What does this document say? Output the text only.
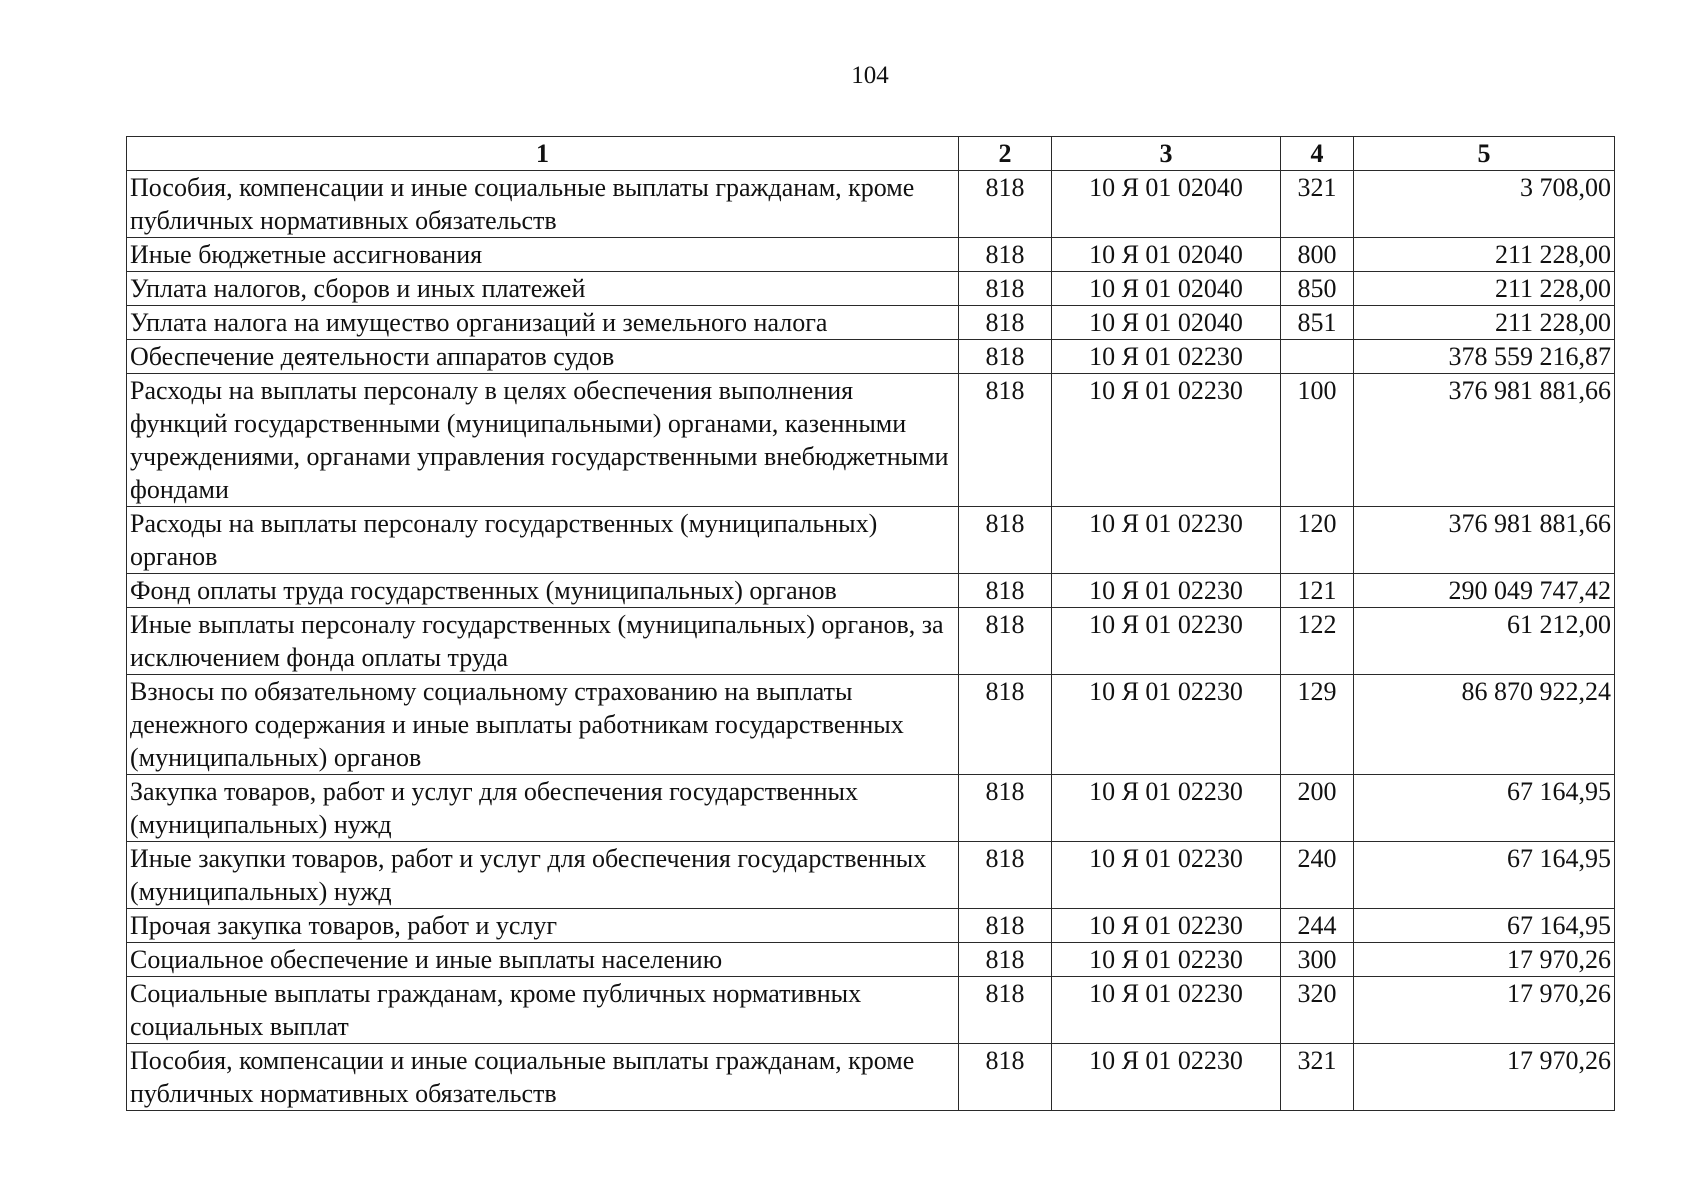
104
1	2	3	4	5
Пособия, компенсации и иные социальные выплаты гражданам, кроме публичных нормативных обязательств	818	10 Я 01 02040	321	3 708,00
Иные бюджетные ассигнования	818	10 Я 01 02040	800	211 228,00
Уплата налогов, сборов и иных платежей	818	10 Я 01 02040	850	211 228,00
Уплата налога на имущество организаций и земельного налога	818	10 Я 01 02040	851	211 228,00
Обеспечение деятельности аппаратов судов	818	10 Я 01 02230		378 559 216,87
Расходы на выплаты персоналу в целях обеспечения выполнения функций государственными (муниципальными) органами, казенными учреждениями, органами управления государственными внебюджетными фондами	818	10 Я 01 02230	100	376 981 881,66
Расходы на выплаты персоналу государственных (муниципальных) органов	818	10 Я 01 02230	120	376 981 881,66
Фонд оплаты труда государственных (муниципальных) органов	818	10 Я 01 02230	121	290 049 747,42
Иные выплаты персоналу государственных (муниципальных) органов, за исключением фонда оплаты труда	818	10 Я 01 02230	122	61 212,00
Взносы по обязательному социальному страхованию на выплаты денежного содержания и иные выплаты работникам государственных (муниципальных) органов	818	10 Я 01 02230	129	86 870 922,24
Закупка товаров, работ и услуг для обеспечения государственных (муниципальных) нужд	818	10 Я 01 02230	200	67 164,95
Иные закупки товаров, работ и услуг для обеспечения государственных (муниципальных) нужд	818	10 Я 01 02230	240	67 164,95
Прочая закупка товаров, работ и услуг	818	10 Я 01 02230	244	67 164,95
Социальное обеспечение и иные выплаты населению	818	10 Я 01 02230	300	17 970,26
Социальные выплаты гражданам, кроме публичных нормативных социальных выплат	818	10 Я 01 02230	320	17 970,26
Пособия, компенсации и иные социальные выплаты гражданам, кроме публичных нормативных обязательств	818	10 Я 01 02230	321	17 970,26
